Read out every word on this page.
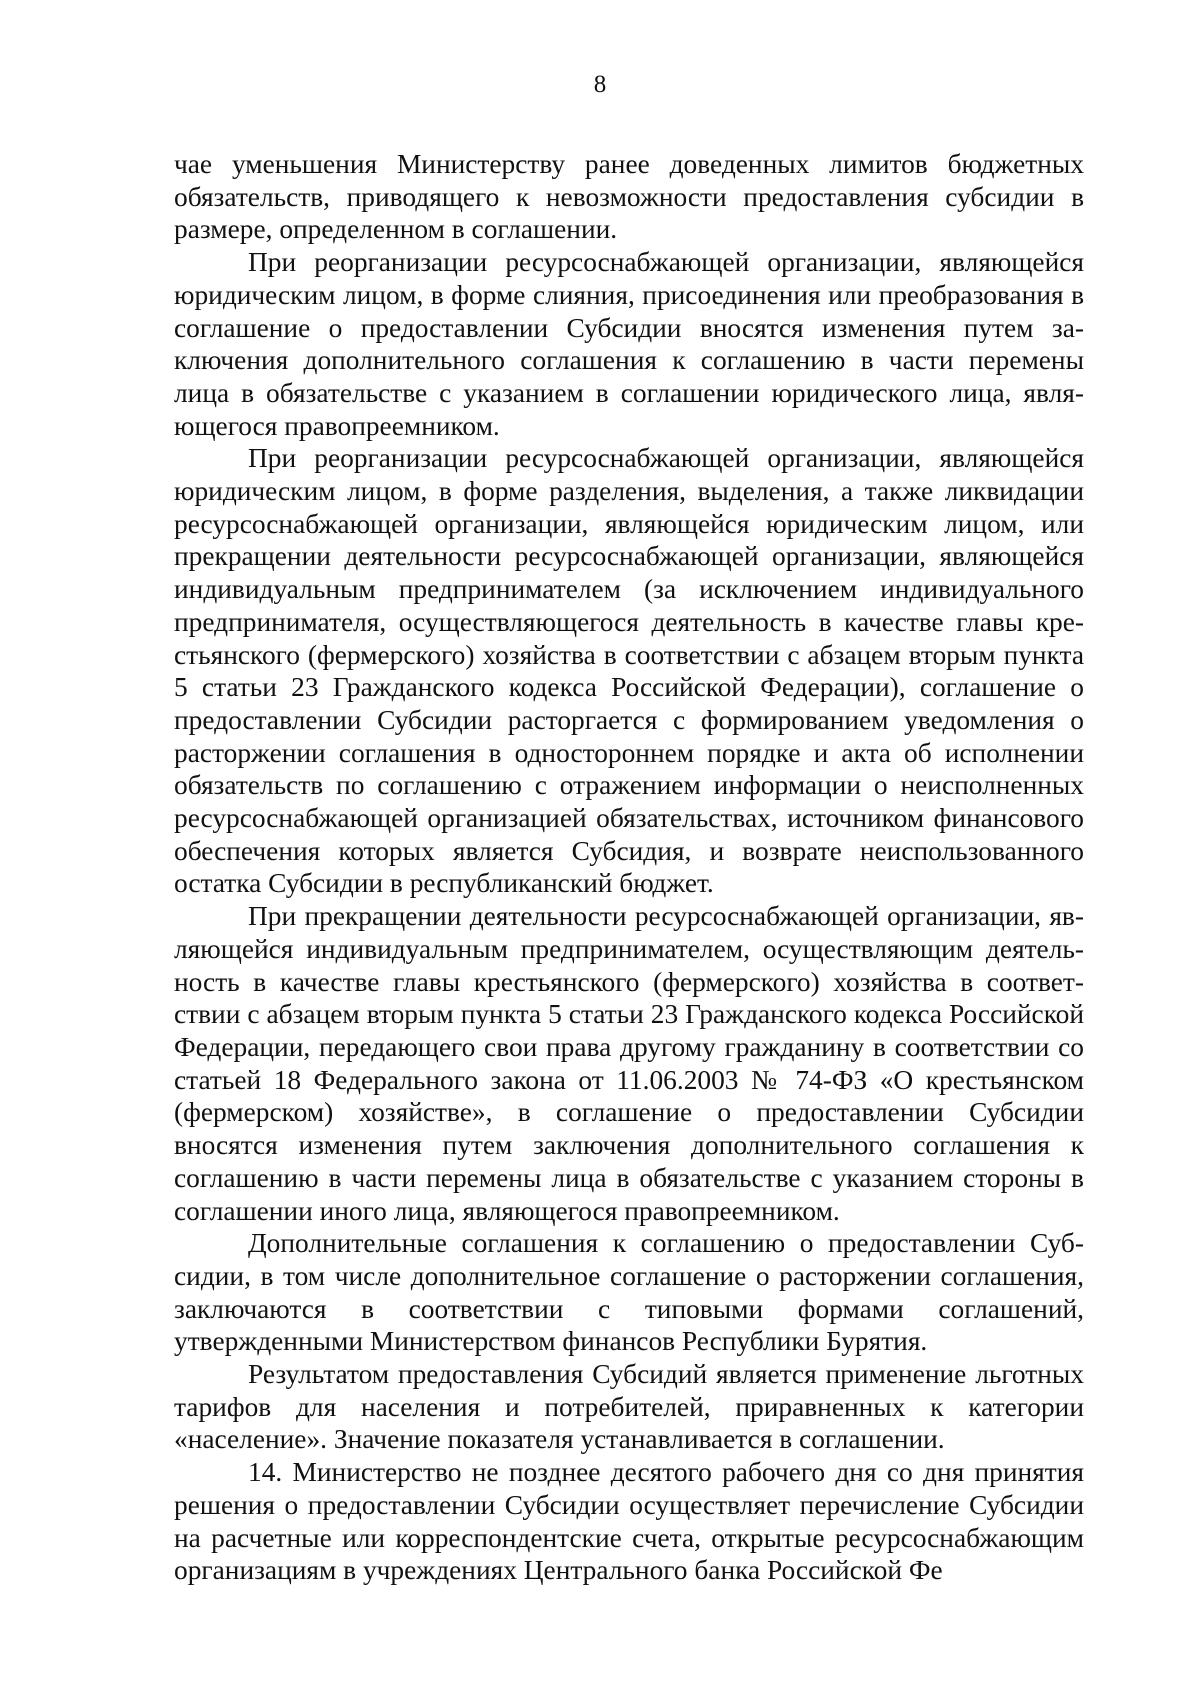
8

чае уменьшения Министерству ранее доведенных лимитов бюджетных обязательств, приводящего к невозможности предоставления субсидии в размере, определенном в соглашении.

При реорганизации ресурсоснабжающей организации, являющейся юридическим лицом, в форме слияния, присоединения или преобразования в соглашение о предоставлении Субсидии вносятся изменения путем заключения дополнительного соглашения к соглашению в части перемены лица в обязательстве с указанием в соглашении юридического лица, являющегося правопреемником.

При реорганизации ресурсоснабжающей организации, являющейся юридическим лицом, в форме разделения, выделения, а также ликвидации ресурсоснабжающей организации, являющейся юридическим лицом, или прекращении деятельности ресурсоснабжающей организации, являющейся индивидуальным предпринимателем (за исключением индивидуального предпринимателя, осуществляющегося деятельность в качестве главы крестьянского (фермерского) хозяйства в соответствии с абзацем вторым пункта 5 статьи 23 Гражданского кодекса Российской Федерации), соглашение о предоставлении Субсидии расторгается с формированием уведомления о расторжении соглашения в одностороннем порядке и акта об исполнении обязательств по соглашению с отражением информации о неисполненных ресурсоснабжающей организацией обязательствах, источником финансового обеспечения которых является Субсидия, и возврате неиспользованного остатка Субсидии в республиканский бюджет.

При прекращении деятельности ресурсоснабжающей организации, являющейся индивидуальным предпринимателем, осуществляющим деятельность в качестве главы крестьянского (фермерского) хозяйства в соответствии с абзацем вторым пункта 5 статьи 23 Гражданского кодекса Российской Федерации, передающего свои права другому гражданину в соответствии со статьей 18 Федерального закона от 11.06.2003 № 74-ФЗ «О крестьянском (фермерском) хозяйстве», в соглашение о предоставлении Субсидии вносятся изменения путем заключения дополнительного соглашения к соглашению в части перемены лица в обязательстве с указанием стороны в соглашении иного лица, являющегося правопреемником.

Дополнительные соглашения к соглашению о предоставлении Субсидии, в том числе дополнительное соглашение о расторжении соглашения, заключаются в соответствии с типовыми формами соглашений, утвержденными Министерством финансов Республики Бурятия.

Результатом предоставления Субсидий является применение льготных тарифов для населения и потребителей, приравненных к категории «население». Значение показателя устанавливается в соглашении.

14. Министерство не позднее десятого рабочего дня со дня принятия решения о предоставлении Субсидии осуществляет перечисление Субсидии на расчетные или корреспондентские счета, открытые ресурсоснабжающим организациям в учреждениях Центрального банка Российской Фе
